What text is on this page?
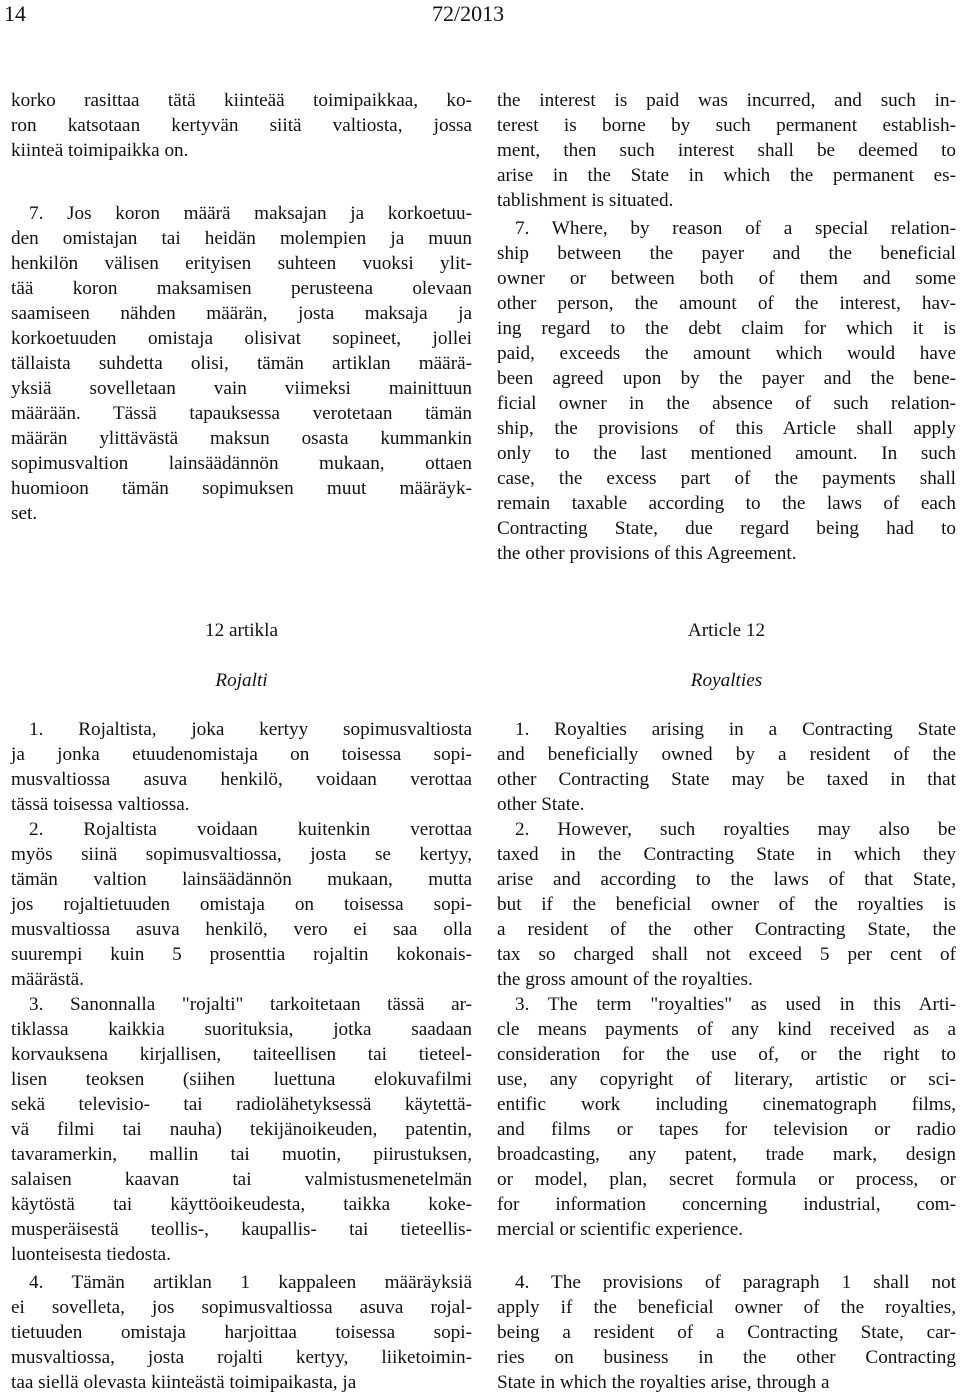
14	72/2013
korko rasittaa tätä kiinteää toimipaikkaa, ko-
ron katsotaan kertyvän siitä valtiosta, jossa
kiinteä toimipaikka on.
7. Jos koron määrä maksajan ja korkoetuu-
den omistajan tai heidän molempien ja muun
henkilön välisen erityisen suhteen vuoksi ylit-
tää koron maksamisen perusteena olevaan
saamiseen nähden määrän, josta maksaja ja
korkoetuuden omistaja olisivat sopineet, jollei
tällaista suhdetta olisi, tämän artiklan määrä-
yksiä sovelletaan vain viimeksi mainittuun
määrään. Tässä tapauksessa verotetaan tämän
määrän ylittävästä maksun osasta kummankin
sopimusvaltion lainsäädännön mukaan, ottaen
huomioon tämän sopimuksen muut määräyk-
set.

12 artikla

Rojalti

1. Rojaltista, joka kertyy sopimusvaltiosta
ja jonka etuudenomistaja on toisessa sopi-
musvaltiossa asuva henkilö, voidaan verottaa
tässä toisessa valtiossa.
2. Rojaltista voidaan kuitenkin verottaa
myös siinä sopimusvaltiossa, josta se kertyy,
tämän valtion lainsäädännön mukaan, mutta
jos rojaltietuuden omistaja on toisessa sopi-
musvaltiossa asuva henkilö, vero ei saa olla
suurempi kuin 5 prosenttia rojaltin kokonais-
määrästä.
3. Sanonnalla "rojalti" tarkoitetaan tässä ar-
tiklassa kaikkia suorituksia, jotka saadaan
korvauksena kirjallisen, taiteellisen tai tieteel-
lisen teoksen (siihen luettuna elokuvafilmi
sekä televisio- tai radiolähetyksessä käytettä-
vä filmi tai nauha) tekijänoikeuden, patentin,
tavaramerkin, mallin tai muotin, piirustuksen,
salaisen kaavan tai valmistusmenetelmän
käytöstä tai käyttöoikeudesta, taikka koke-
musperäisestä teollis-, kaupallis- tai tieteellis-
luonteisesta tiedosta.
4. Tämän artiklan 1 kappaleen määräyksiä
ei sovelleta, jos sopimusvaltiossa asuva rojal-
tietuuden omistaja harjoittaa toisessa sopi-
musvaltiossa, josta rojalti kertyy, liiketoimin-
taa siellä olevasta kiinteästä toimipaikasta, ja
the interest is paid was incurred, and such in-
terest is borne by such permanent establish-
ment, then such interest shall be deemed to
arise in the State in which the permanent es-
tablishment is situated.
7. Where, by reason of a special relation-
ship between the payer and the beneficial
owner or between both of them and some
other person, the amount of the interest, hav-
ing regard to the debt claim for which it is
paid, exceeds the amount which would have
been agreed upon by the payer and the bene-
ficial owner in the absence of such relation-
ship, the provisions of this Article shall apply
only to the last mentioned amount. In such
case, the excess part of the payments shall
remain taxable according to the laws of each
Contracting State, due regard being had to
the other provisions of this Agreement.

Article 12

Royalties

1. Royalties arising in a Contracting State
and beneficially owned by a resident of the
other Contracting State may be taxed in that
other State.
2. However, such royalties may also be
taxed in the Contracting State in which they
arise and according to the laws of that State,
but if the beneficial owner of the royalties is
a resident of the other Contracting State, the
tax so charged shall not exceed 5 per cent of
the gross amount of the royalties.
3. The term "royalties" as used in this Arti-
cle means payments of any kind received as a
consideration for the use of, or the right to
use, any copyright of literary, artistic or sci-
entific work including cinematograph films,
and films or tapes for television or radio
broadcasting, any patent, trade mark, design
or model, plan, secret formula or process, or
for information concerning industrial, com-
mercial or scientific experience.
4. The provisions of paragraph 1 shall not
apply if the beneficial owner of the royalties,
being a resident of a Contracting State, car-
ries on business in the other Contracting
State in which the royalties arise, through a
